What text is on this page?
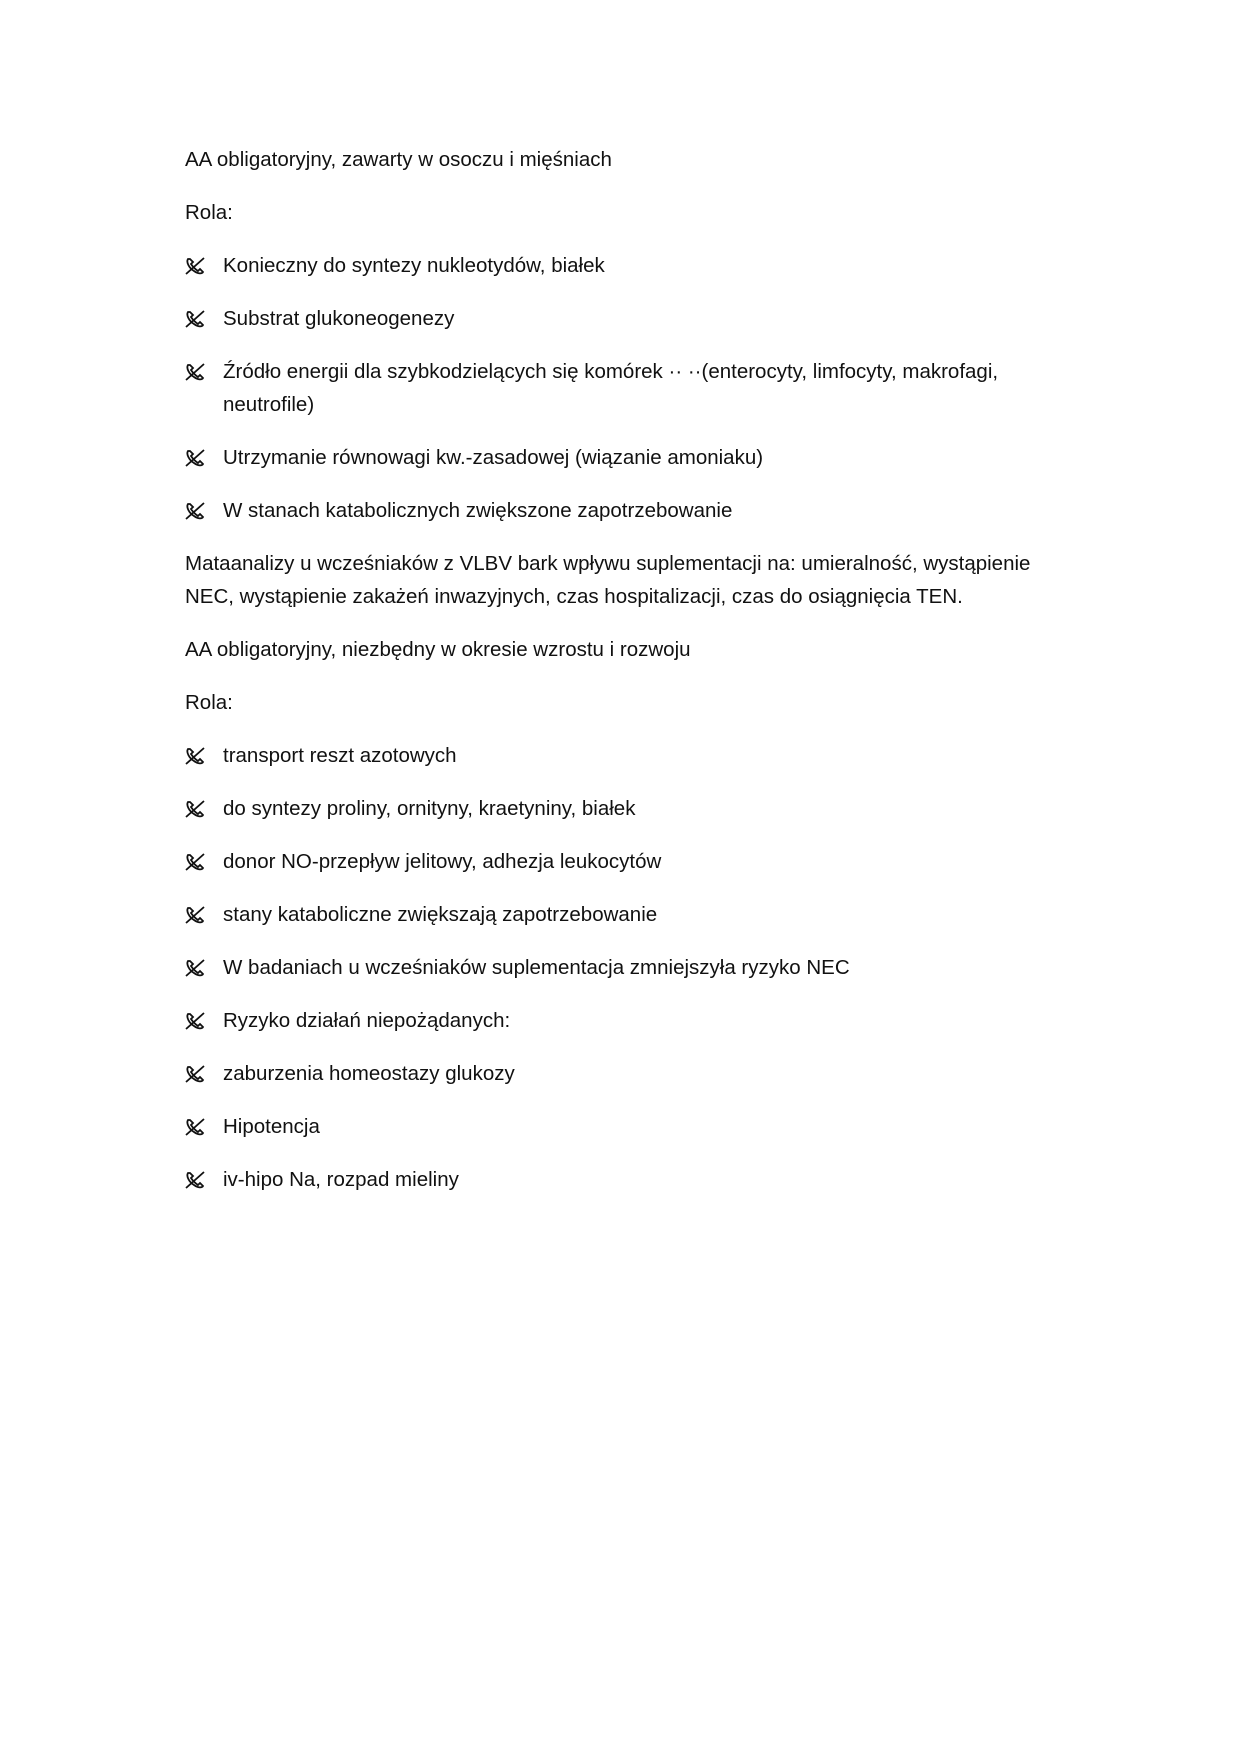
AA obligatoryjny, zawarty w osoczu i mięśniach

Rola:

Konieczny do syntezy nukleotydów, białek
Substrat glukoneogenezy
Źródło energii dla szybkodzielących się komórek ·· ··(enterocyty, limfocyty, makrofagi, neutrofile)
Utrzymanie równowagi kw.-zasadowej (wiązanie amoniaku)
W stanach katabolicznych zwiększone zapotrzebowanie

Mataanalizy u wcześniaków z VLBV bark wpływu suplementacji na: umieralność, wystąpienie NEC, wystąpienie zakażeń inwazyjnych, czas hospitalizacji, czas do osiągnięcia TEN.

AA obligatoryjny, niezbędny w okresie wzrostu i rozwoju

Rola:

transport reszt azotowych
do syntezy proliny, ornityny, kraetyniny, białek
donor NO-przepływ jelitowy, adhezja leukocytów
stany kataboliczne zwiększają zapotrzebowanie
W badaniach u wcześniaków suplementacja zmniejszyła ryzyko NEC
Ryzyko działań niepożądanych:
zaburzenia homeostazy glukozy
Hipotencja
iv-hipo Na, rozpad mieliny
